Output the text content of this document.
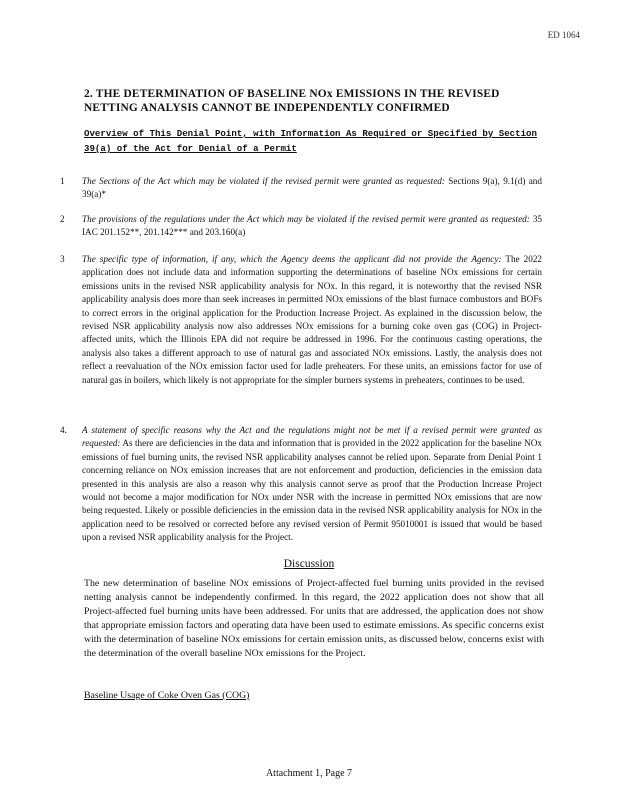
ED 1064
2. THE DETERMINATION OF BASELINE NOx EMISSIONS IN THE REVISED NETTING ANALYSIS CANNOT BE INDEPENDENTLY CONFIRMED
Overview of This Denial Point, with Information As Required or Specified by Section 39(a) of the Act for Denial of a Permit
1	The Sections of the Act which may be violated if the revised permit were granted as requested: Sections 9(a), 9.1(d) and 39(a)*
2	The provisions of the regulations under the Act which may be violated if the revised permit were granted as requested: 35 IAC 201.152**, 201.142*** and 203.160(a)
3	The specific type of information, if any, which the Agency deems the applicant did not provide the Agency: The 2022 application does not include data and information supporting the determinations of baseline NOx emissions for certain emissions units in the revised NSR applicability analysis for NOx. In this regard, it is noteworthy that the revised NSR applicability analysis does more than seek increases in permitted NOx emissions of the blast furnace combustors and BOFs to correct errors in the original application for the Production Increase Project. As explained in the discussion below, the revised NSR applicability analysis now also addresses NOx emissions for a burning coke oven gas (COG) in Project-affected units, which the Illinois EPA did not require be addressed in 1996. For the continuous casting operations, the analysis also takes a different approach to use of natural gas and associated NOx emissions. Lastly, the analysis does not reflect a reevaluation of the NOx emission factor used for ladle preheaters. For these units, an emissions factor for use of natural gas in boilers, which likely is not appropriate for the simpler burners systems in preheaters, continues to be used.
4.	A statement of specific reasons why the Act and the regulations might not be met if a revised permit were granted as requested: As there are deficiencies in the data and information that is provided in the 2022 application for the baseline NOx emissions of fuel burning units, the revised NSR applicability analyses cannot be relied upon. Separate from Denial Point 1 concerning reliance on NOx emission increases that are not enforcement and production, deficiencies in the emission data presented in this analysis are also a reason why this analysis cannot serve as proof that the Production Increase Project would not become a major modification for NOx under NSR with the increase in permitted NOx emissions that are now being requested. Likely or possible deficiencies in the emission data in the revised NSR applicability analysis for NOx in the application need to be resolved or corrected before any revised version of Permit 95010001 is issued that would be based upon a revised NSR applicability analysis for the Project.
Discussion
The new determination of baseline NOx emissions of Project-affected fuel burning units provided in the revised netting analysis cannot be independently confirmed. In this regard, the 2022 application does not show that all Project-affected fuel burning units have been addressed. For units that are addressed, the application does not show that appropriate emission factors and operating data have been used to estimate emissions. As specific concerns exist with the determination of baseline NOx emissions for certain emission units, as discussed below, concerns exist with the determination of the overall baseline NOx emissions for the Project.
Baseline Usage of Coke Oven Gas (COG)
Attachment 1, Page 7
